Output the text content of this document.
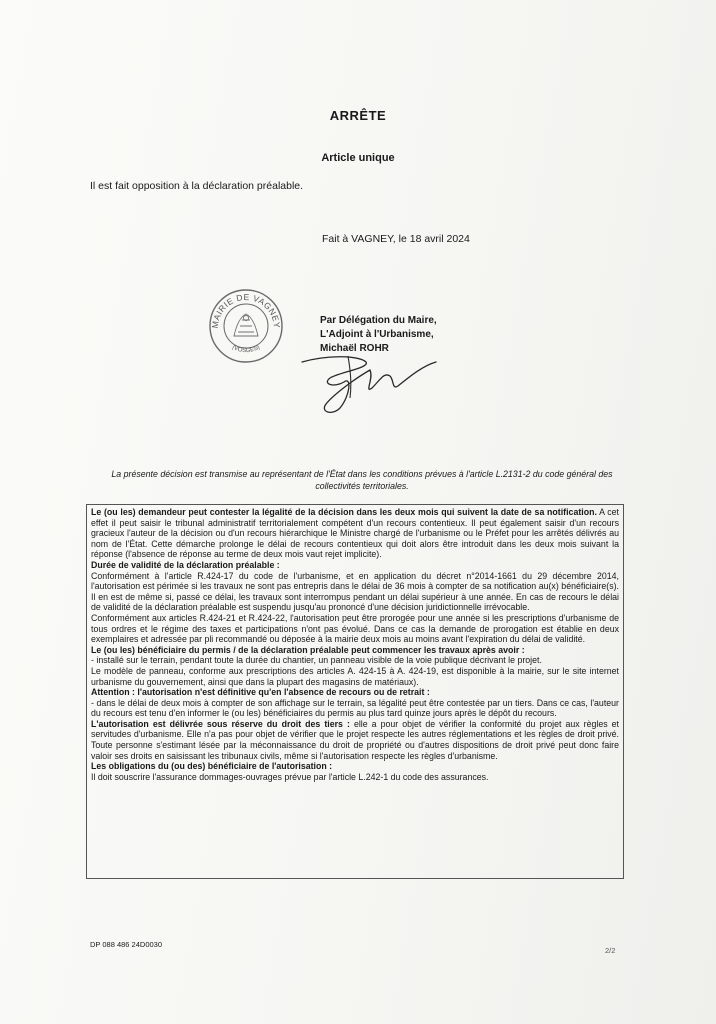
ARRÊTE
Article unique
Il est fait opposition à la déclaration préalable.
Fait à VAGNEY, le 18 avril 2024
MAIRIE DE VAGNEY
(VOSGES)
Par Délégation du Maire,
L'Adjoint à l'Urbanisme,
Michaël ROHR
La présente décision est transmise au représentant de l'État dans les conditions prévues à l'article L.2131-2 du code général des collectivités territoriales.

Le (ou les) demandeur peut contester la légalité de la décision dans les deux mois qui suivent la date de sa notification. A cet effet il peut saisir le tribunal administratif territorialement compétent d'un recours contentieux. Il peut également saisir d'un recours gracieux l'auteur de la décision ou d'un recours hiérarchique le Ministre chargé de l'urbanisme ou le Préfet pour les arrêtés délivrés au nom de l'État. Cette démarche prolonge le délai de recours contentieux qui doit alors être introduit dans les deux mois suivant la réponse (l'absence de réponse au terme de deux mois vaut rejet implicite).

Durée de validité de la déclaration préalable :

Conformément à l'article R.424-17 du code de l'urbanisme, et en application du décret n°2014-1661 du 29 décembre 2014, l'autorisation est périmée si les travaux ne sont pas entrepris dans le délai de 36 mois à compter de sa notification au(x) bénéficiaire(s). Il en est de même si, passé ce délai, les travaux sont interrompus pendant un délai supérieur à une année. En cas de recours le délai de validité de la déclaration préalable est suspendu jusqu'au prononcé d'une décision juridictionnelle irrévocable.

Conformément aux articles R.424-21 et R.424-22, l'autorisation peut être prorogée pour une année si les prescriptions d'urbanisme de tous ordres et le régime des taxes et participations n'ont pas évolué. Dans ce cas la demande de prorogation est établie en deux exemplaires et adressée par pli recommandé ou déposée à la mairie deux mois au moins avant l'expiration du délai de validité.

Le (ou les) bénéficiaire du permis / de la déclaration préalable peut commencer les travaux après avoir :

- installé sur le terrain, pendant toute la durée du chantier, un panneau visible de la voie publique décrivant le projet.

Le modèle de panneau, conforme aux prescriptions des articles A. 424-15 à A. 424-19, est disponible à la mairie, sur le site internet urbanisme du gouvernement, ainsi que dans la plupart des magasins de matériaux).

Attention : l'autorisation n'est définitive qu'en l'absence de recours ou de retrait :

- dans le délai de deux mois à compter de son affichage sur le terrain, sa légalité peut être contestée par un tiers. Dans ce cas, l'auteur du recours est tenu d'en informer le (ou les) bénéficiaires du permis au plus tard quinze jours après le dépôt du recours.

L'autorisation est délivrée sous réserve du droit des tiers : elle a pour objet de vérifier la conformité du projet aux règles et servitudes d'urbanisme. Elle n'a pas pour objet de vérifier que le projet respecte les autres réglementations et les règles de droit privé. Toute personne s'estimant lésée par la méconnaissance du droit de propriété ou d'autres dispositions de droit privé peut donc faire valoir ses droits en saisissant les tribunaux civils, même si l'autorisation respecte les règles d'urbanisme.

Les obligations du (ou des) bénéficiaire de l'autorisation :

Il doit souscrire l'assurance dommages-ouvrages prévue par l'article L.242-1 du code des assurances.

DP 088 486 24D0030
2/2
